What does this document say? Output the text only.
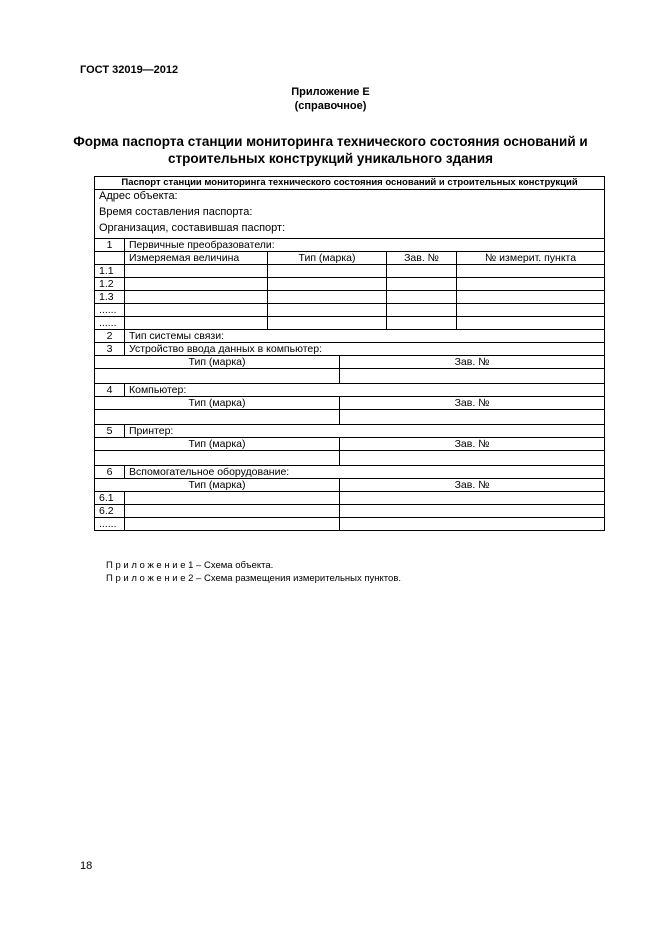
ГОСТ 32019—2012
Приложение Е
(справочное)
Форма паспорта станции мониторинга технического состояния оснований и
строительных конструкций уникального здания
Паспорт станции мониторинга технического состояния оснований и строительных конструкций					

Адрес объекта:
Время составления паспорта:
Организация, составившая паспорт:					

1	Первичные преобразователи:				
	Измеряемая величина	Тип (марка)		Зав. №	№ измерит. пункта
1.1					
1.2					
1.3					
......					
......					
2	Тип системы связи:				
3	Устройство ввода данных в компьютер:				
Тип (марка)			Зав. №		

4	Компьютер:				
Тип (марка)			Зав. №		

5	Принтер:				
Тип (марка)			Зав. №		

6	Вспомогательное оборудование:				
Тип (марка)			Зав. №		
6.1					
6.2					
......					
П р и л о ж е н и е 1 – Схема объекта.
П р и л о ж е н и е 2 – Схема размещения измерительных пунктов.
18
